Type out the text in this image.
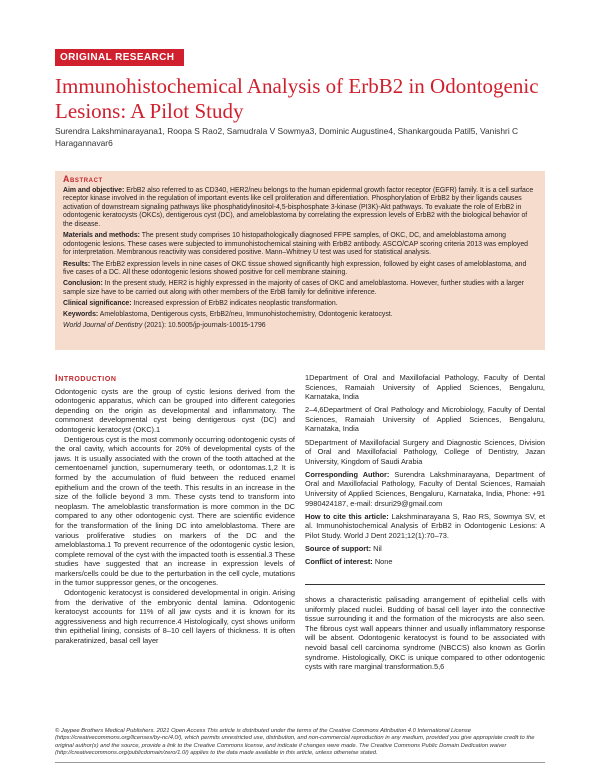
ORIGINAL RESEARCH
Immunohistochemical Analysis of ErbB2 in Odontogenic Lesions: A Pilot Study
Surendra Lakshminarayana1, Roopa S Rao2, Samudrala V Sowmya3, Dominic Augustine4, Shankargouda Patil5, Vanishri C Haragannavar6
Abstract

Aim and objective: ErbB2 also referred to as CD340, HER2/neu belongs to the human epidermal growth factor receptor (EGFR) family. It is a cell surface receptor kinase involved in the regulation of important events like cell proliferation and differentiation. Phosphorylation of ErbB2 by their ligands causes activation of downstream signaling pathways like phosphatidylinositol-4,5-bisphosphate 3-kinase (PI3K)-Akt pathways. To evaluate the role of ErbB2 in odontogenic keratocysts (OKCs), dentigerous cyst (DC), and ameloblastoma by correlating the expression levels of ErbB2 with the biological behavior of the disease.

Materials and methods: The present study comprises 10 histopathologically diagnosed FFPE samples, of OKC, DC, and ameloblastoma among odontogenic lesions. These cases were subjected to immunohistochemical staining with ErbB2 antibody. ASCO/CAP scoring criteria 2013 was employed for interpretation. Membranous reactivity was considered positive. Mann–Whitney U test was used for statistical analysis.

Results: The ErbB2 expression levels in nine cases of OKC tissue showed significantly high expression, followed by eight cases of ameloblastoma, and five cases of a DC. All these odontogenic lesions showed positive for cell membrane staining.

Conclusion: In the present study, HER2 is highly expressed in the majority of cases of OKC and ameloblastoma. However, further studies with a larger sample size have to be carried out along with other members of the ErbB family for definitive inference.

Clinical significance: Increased expression of ErbB2 indicates neoplastic transformation.

Keywords: Ameloblastoma, Dentigerous cysts, ErbB2/neu, Immunohistochemistry, Odontogenic keratocyst.

World Journal of Dentistry (2021): 10.5005/jp-journals-10015-1796

Introduction

Odontogenic cysts are the group of cystic lesions derived from the odontogenic apparatus, which can be grouped into different categories depending on the origin as developmental and inflammatory. The commonest developmental cyst being dentigerous cyst (DC) and odontogenic keratocyst (OKC).1

Dentigerous cyst is the most commonly occurring odontogenic cysts of the oral cavity, which accounts for 20% of developmental cysts of the jaws. It is usually associated with the crown of the tooth attached at the cementoenamel junction, supernumerary teeth, or odontomas.1,2 It is formed by the accumulation of fluid between the reduced enamel epithelium and the crown of the teeth. This results in an increase in the size of the follicle beyond 3 mm. These cysts tend to transform into neoplasm. The ameloblastic transformation is more common in the DC compared to any other odontogenic cyst. There are scientific evidence for the transformation of the lining DC into ameloblastoma. There are various proliferative studies on markers of the DC and the ameloblastoma.1 To prevent recurrence of the odontogenic cystic lesion, complete removal of the cyst with the impacted tooth is essential.3 These studies have suggested that an increase in expression levels of markers/cells could be due to the perturbation in the cell cycle, mutations in the tumor suppressor genes, or the oncogenes.

Odontogenic keratocyst is considered developmental in origin. Arising from the derivative of the embryonic dental lamina. Odontogenic keratocyst accounts for 11% of all jaw cysts and it is known for its aggressiveness and high recurrence.4 Histologically, cyst shows uniform thin epithelial lining, consists of 8–10 cell layers of thickness. It is often parakeratinized, basal cell layer

1Department of Oral and Maxillofacial Pathology, Faculty of Dental Sciences, Ramaiah University of Applied Sciences, Bengaluru, Karnataka, India

2–4,6Department of Oral Pathology and Microbiology, Faculty of Dental Sciences, Ramaiah University of Applied Sciences, Bengaluru, Karnataka, India

5Department of Maxillofacial Surgery and Diagnostic Sciences, Division of Oral and Maxillofacial Pathology, College of Dentistry, Jazan University, Kingdom of Saudi Arabia

Corresponding Author: Surendra Lakshminarayana, Department of Oral and Maxillofacial Pathology, Faculty of Dental Sciences, Ramaiah University of Applied Sciences, Bengaluru, Karnataka, India, Phone: +91 9980424187, e-mail: drsuri29@gmail.com

How to cite this article: Lakshminarayana S, Rao RS, Sowmya SV, et al. Immunohistochemical Analysis of ErbB2 in Odontogenic Lesions: A Pilot Study. World J Dent 2021;12(1):70–73.

Source of support: Nil

Conflict of interest: None

shows a characteristic palisading arrangement of epithelial cells with uniformly placed nuclei. Budding of basal cell layer into the connective tissue surrounding it and the formation of the microcysts are also seen. The fibrous cyst wall appears thinner and usually inflammatory response will be absent. Odontogenic keratocyst is found to be associated with nevoid basal cell carcinoma syndrome (NBCCS) also known as Gorlin syndrome. Histologically, OKC is unique compared to other odontogenic cysts with rare marginal transformation.5,6
© Jaypee Brothers Medical Publishers. 2021 Open Access This article is distributed under the terms of the Creative Commons Attribution 4.0 International License (https://creativecommons.org/licenses/by-nc/4.0/), which permits unrestricted use, distribution, and non-commercial reproduction in any medium, provided you give appropriate credit to the original author(s) and the source, provide a link to the Creative Commons license, and indicate if changes were made. The Creative Commons Public Domain Dedication waiver (http://creativecommons.org/publicdomain/zero/1.0/) applies to the data made available in this article, unless otherwise stated.
